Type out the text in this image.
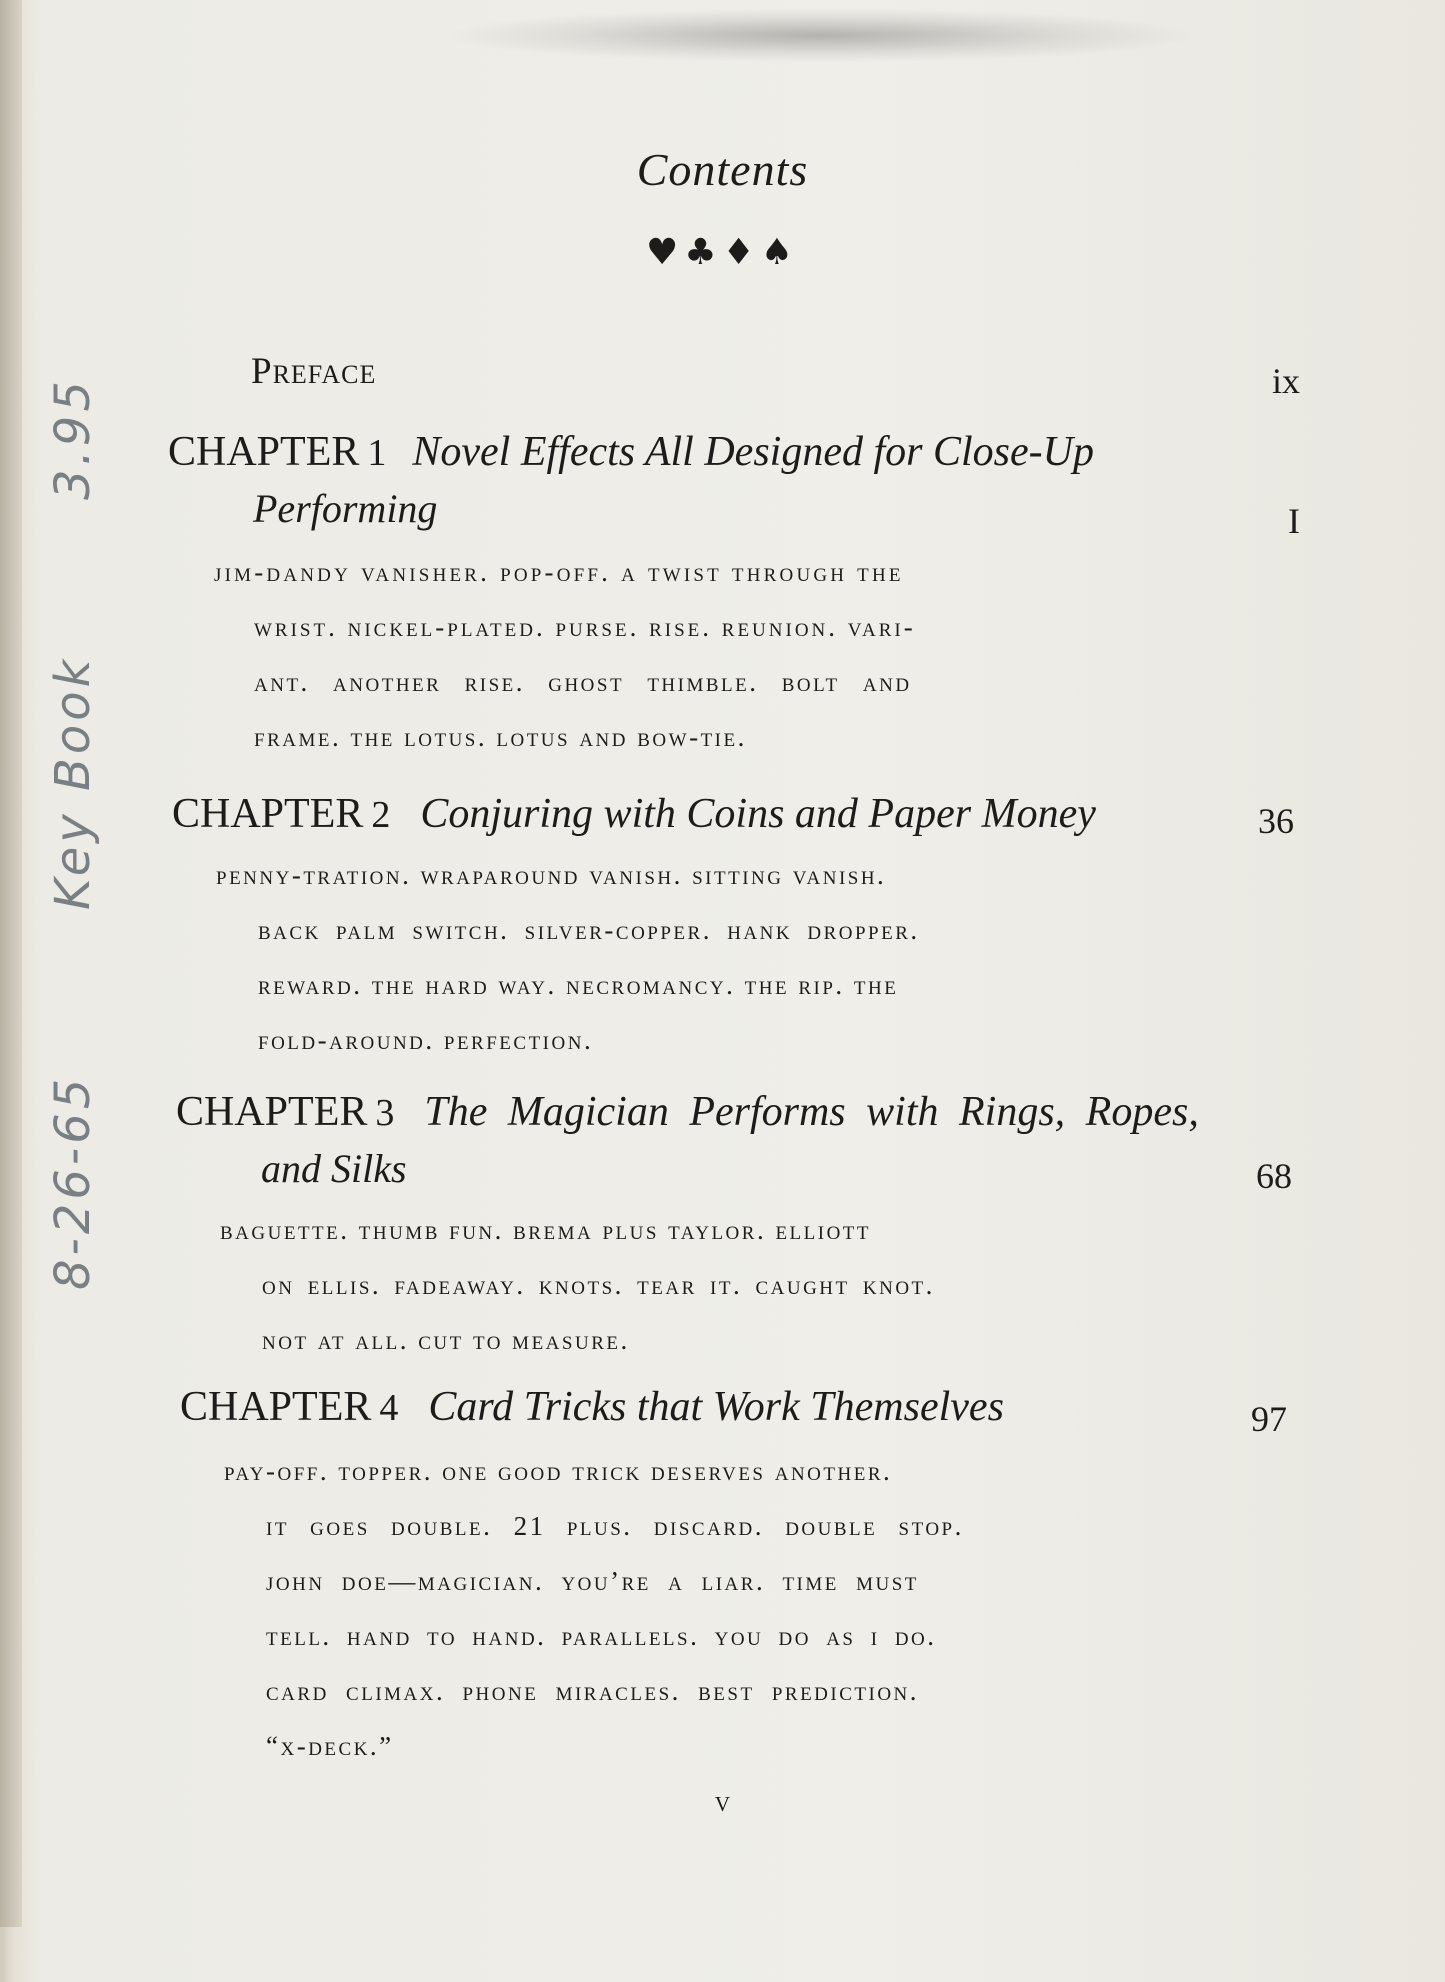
Contents
♥♣♦♠
Preface	ix
CHAPTER 1 Novel Effects All Designed for Close-Up
Performing	I
jim-dandy vanisher. pop-off. a twist through the
wrist. nickel-plated. purse. rise. reunion. vari-
ant. another rise. ghost thimble. bolt and
frame. the lotus. lotus and bow-tie.
CHAPTER 2 Conjuring with Coins and Paper Money	36
penny-tration. wraparound vanish. sitting vanish.
back palm switch. silver-copper. hank dropper.
reward. the hard way. necromancy. the rip. the
fold-around. perfection.
CHAPTER 3 The Magician Performs with Rings, Ropes,
and Silks	68
baguette. thumb fun. brema plus taylor. elliott
on ellis. fadeaway. knots. tear it. caught knot.
not at all. cut to measure.
CHAPTER 4 Card Tricks that Work Themselves	97
pay-off. topper. one good trick deserves another.
it goes double. 21 plus. discard. double stop.
john doe—magician. you’re a liar. time must
tell. hand to hand. parallels. you do as i do.
card climax. phone miracles. best prediction.
“x-deck.”
v
3.95
Key Book
8-26-65
